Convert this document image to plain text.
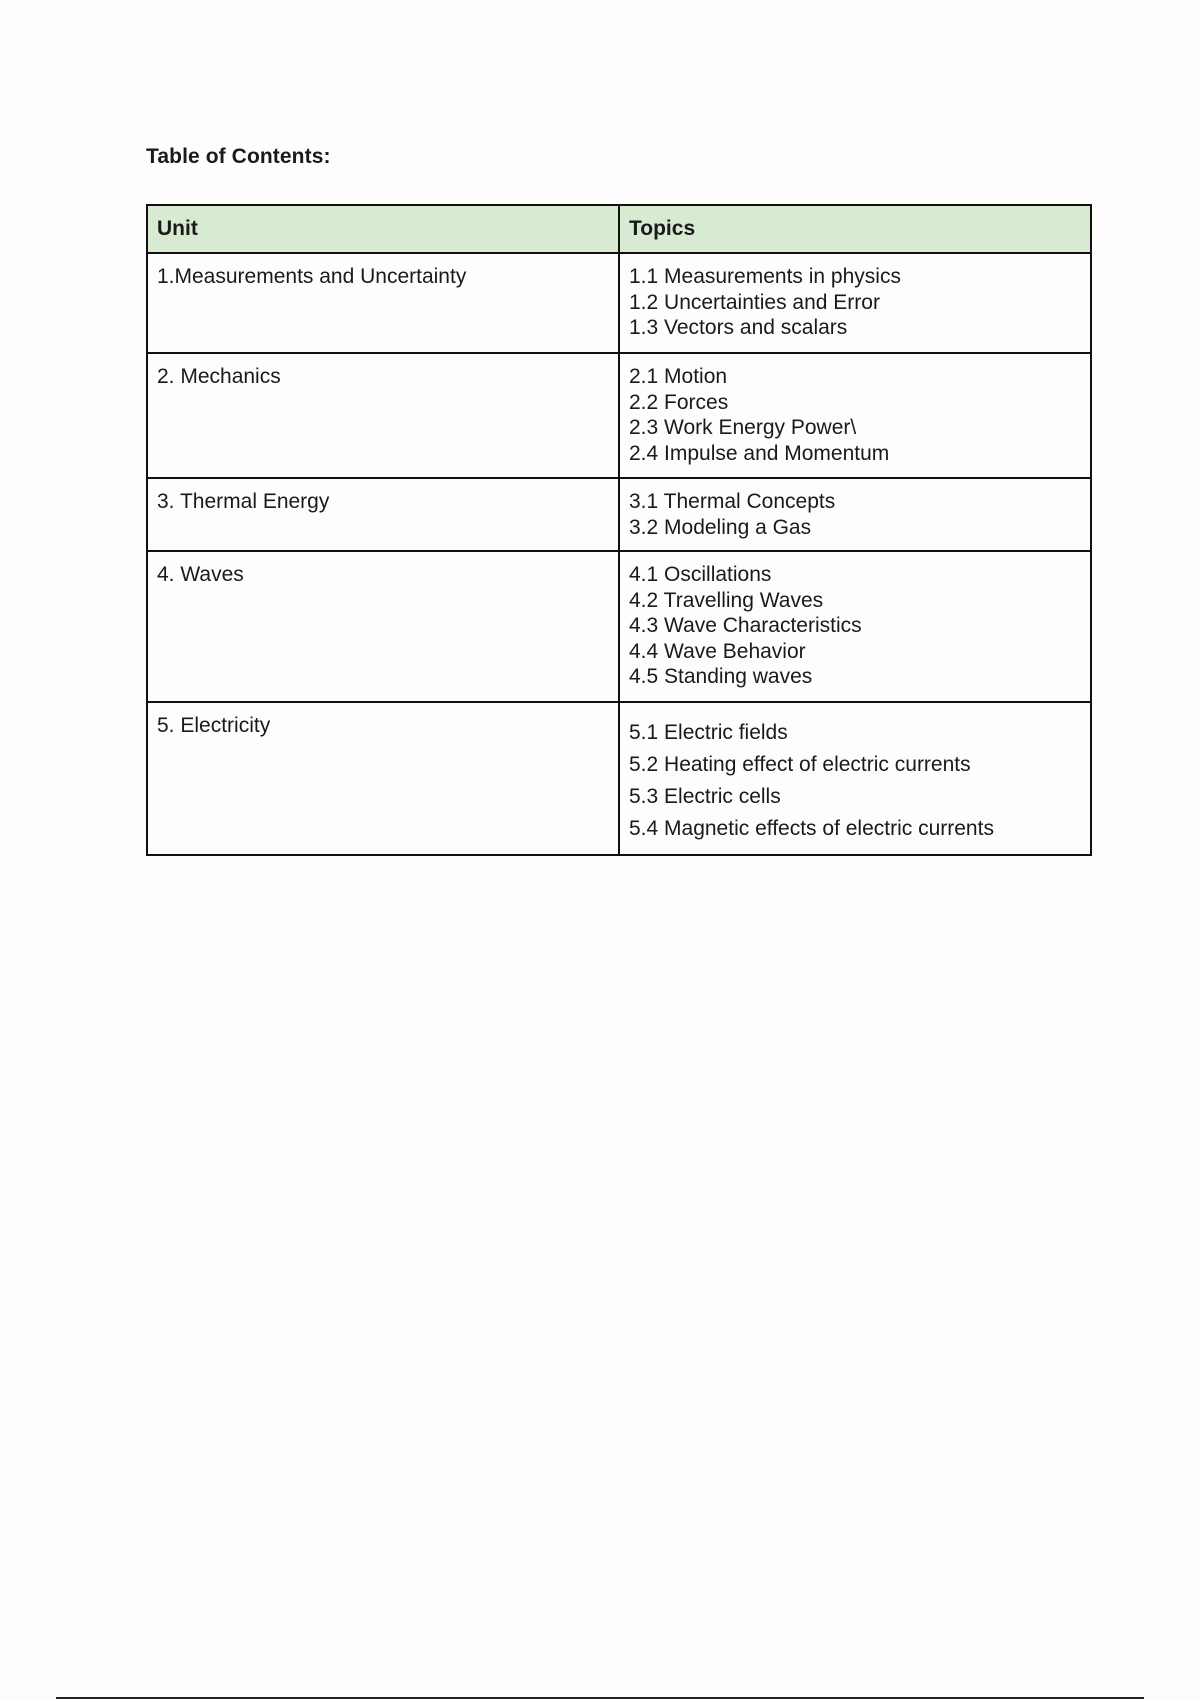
Table of Contents:
Unit	Topics
1.Measurements and Uncertainty	1.1 Measurements in physics
1.2 Uncertainties and Error
1.3 Vectors and scalars

2. Mechanics	2.1 Motion
2.2 Forces
2.3 Work Energy Power\
2.4 Impulse and Momentum

3. Thermal Energy	3.1 Thermal Concepts
3.2 Modeling a Gas

4. Waves	4.1 Oscillations
4.2 Travelling Waves
4.3 Wave Characteristics
4.4 Wave Behavior
4.5 Standing waves

5. Electricity	5.1 Electric fields
5.2 Heating effect of electric currents
5.3 Electric cells
5.4 Magnetic effects of electric currents
